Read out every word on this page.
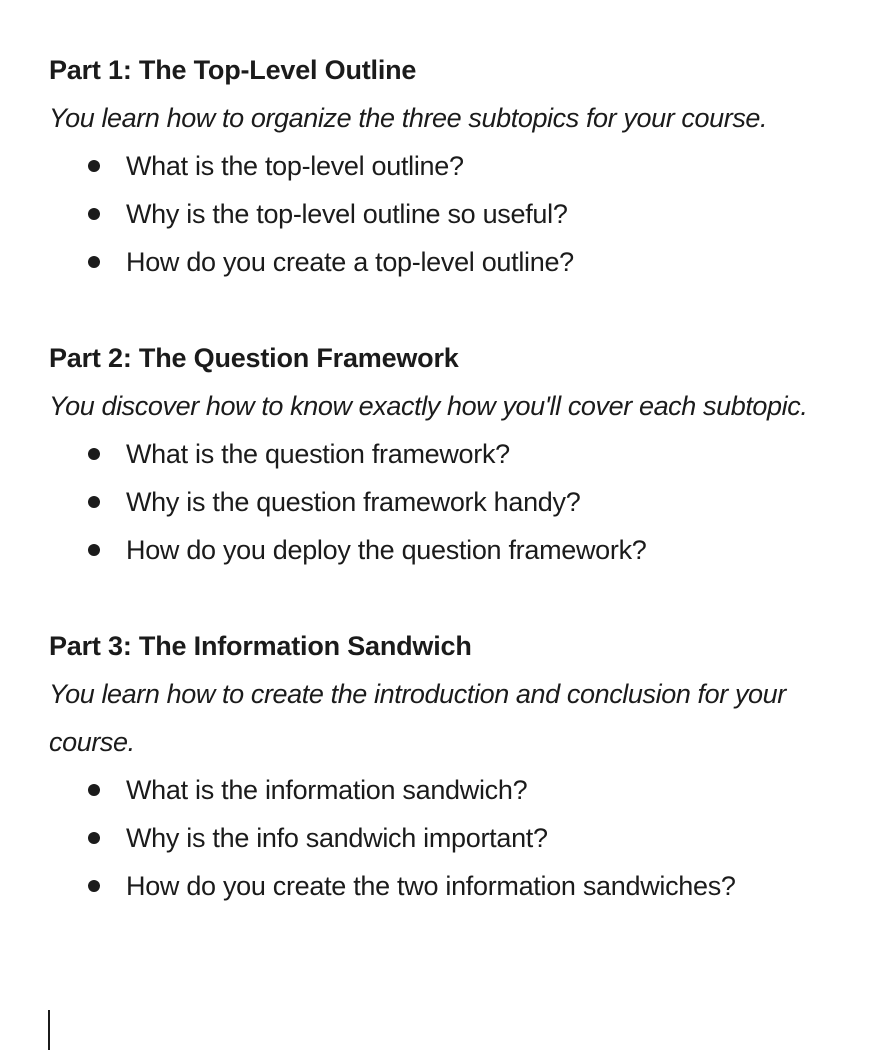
Part 1: The Top-Level Outline

You learn how to organize the three subtopics for your course.

What is the top-level outline?
Why is the top-level outline so useful?
How do you create a top-level outline?

Part 2: The Question Framework

You discover how to know exactly how you'll cover each subtopic.

What is the question framework?
Why is the question framework handy?
How do you deploy the question framework?

Part 3: The Information Sandwich

You learn how to create the introduction and conclusion for your course.

What is the information sandwich?
Why is the info sandwich important?
How do you create the two information sandwiches?
